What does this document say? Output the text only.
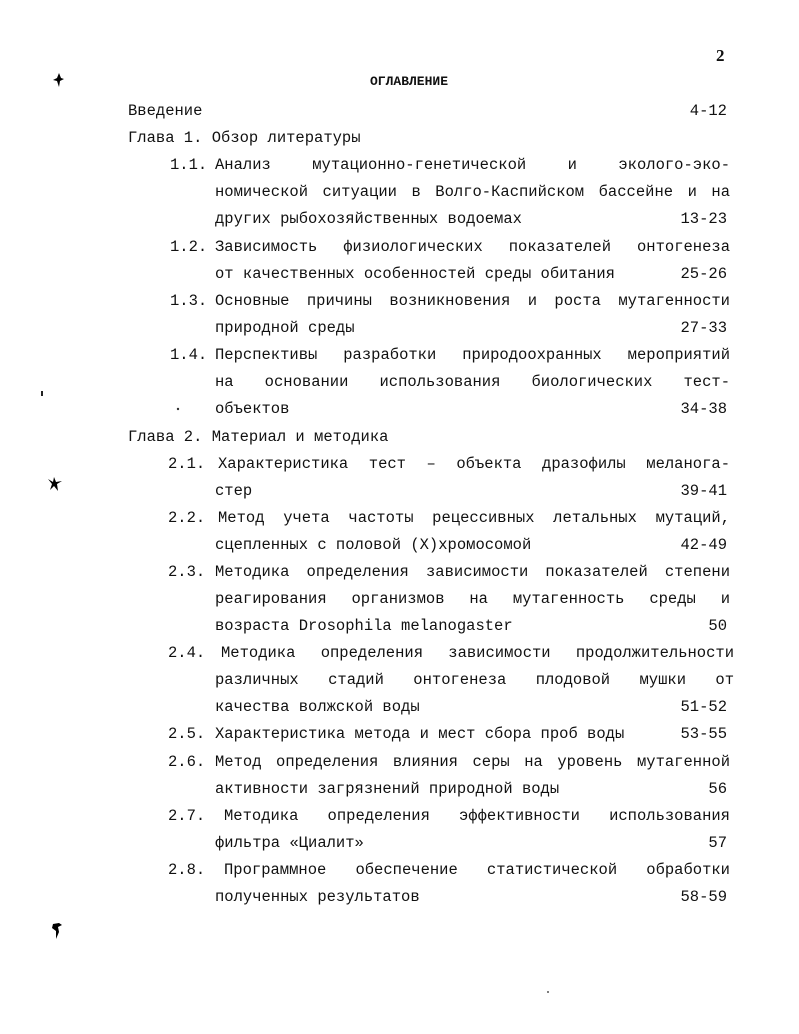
2
ОГЛАВЛЕНИЕ
Введение	4-12
Глава 1. Обзор литературы
1.1. Анализ мутационно-генетической и эколого-эко-
номической ситуации в Волго-Каспийском бассейне и на
других рыбохозяйственных водоемах	13-23
1.2. Зависимость физиологических показателей онтогенеза
от качественных особенностей среды обитания	25-26
1.3. Основные причины возникновения и роста мутагенности
природной среды	27-33
1.4. Перспективы разработки природоохранных мероприятий
на основании использования биологических тест-
объектов	34-38
Глава 2. Материал и методика
2.1. Характеристика тест – объекта дразофилы меланога-
стер	39-41
2.2. Метод учета частоты рецессивных летальных мутаций,
сцепленных с половой (X)хромосомой	42-49
2.3. Методика определения зависимости показателей степени
реагирования организмов на мутагенность среды и
возраста Drosophila melanogaster	50
2.4. Методика определения зависимости продолжительности
различных стадий онтогенеза плодовой мушки от
качества волжской воды	51-52
2.5. Характеристика метода и мест сбора проб воды	53-55
2.6. Метод определения влияния серы на уровень мутагенной
активности загрязнений природной воды	56
2.7. Методика определения эффективности использования
фильтра «Циалит»	57
2.8. Программное обеспечение статистической обработки
полученных результатов	58-59
